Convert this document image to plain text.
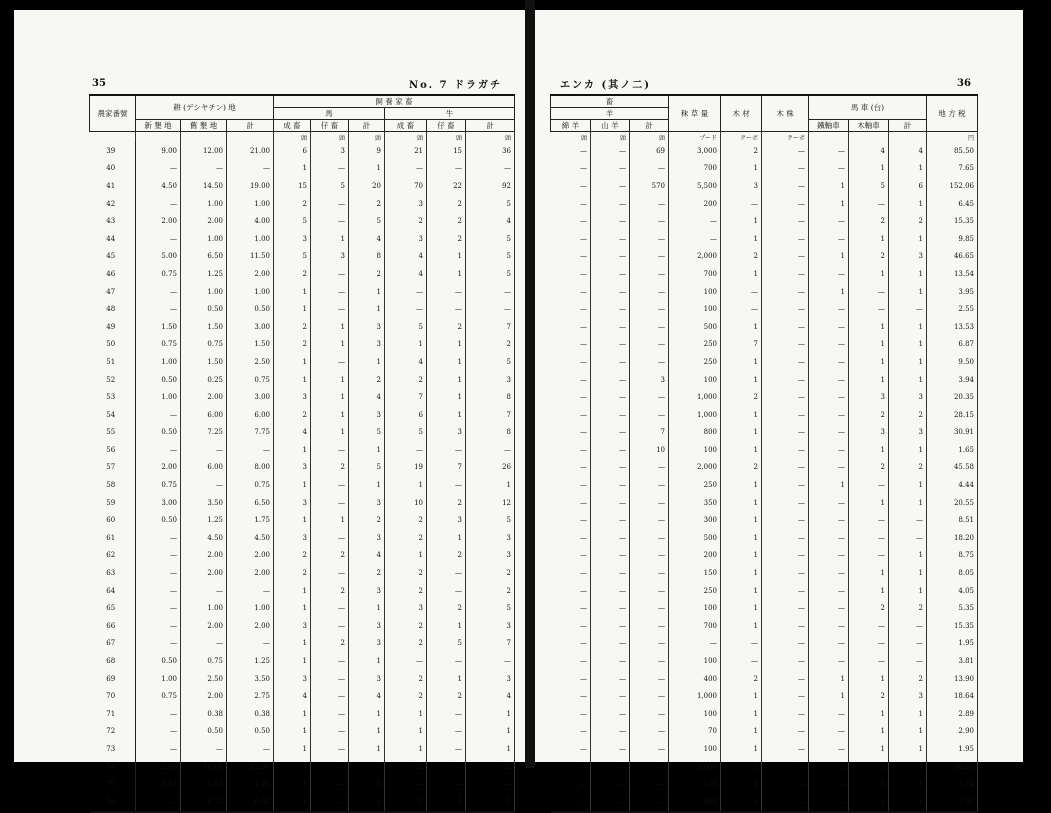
35	No. 7 ドラガチ
農家番號	耕 (デシヤチン) 地			飼 養 家 畜					
				馬			牛		
	新 墾 地	舊 墾 地	計	成 畜	仔 畜	計	成 畜	仔 畜	計
				頭	頭	頭	頭	頭	頭
39	9.00	12.00	21.00	6	3	9	21	15	36
40	—	—	—	1	—	1	—	—	—
41	4.50	14.50	19.00	15	5	20	70	22	92
42	—	1.00	1.00	2	—	2	3	2	5
43	2.00	2.00	4.00	5	—	5	2	2	4
44	—	1.00	1.00	3	1	4	3	2	5
45	5.00	6.50	11.50	5	3	8	4	1	5
46	0.75	1.25	2.00	2	—	2	4	1	5
47	—	1.00	1.00	1	—	1	—	—	—
48	—	0.50	0.50	1	—	1	—	—	—
49	1.50	1.50	3.00	2	1	3	5	2	7
50	0.75	0.75	1.50	2	1	3	1	1	2
51	1.00	1.50	2.50	1	—	1	4	1	5
52	0.50	0.25	0.75	1	1	2	2	1	3
53	1.00	2.00	3.00	3	1	4	7	1	8
54	—	6.00	6.00	2	1	3	6	1	7
55	0.50	7.25	7.75	4	1	5	5	3	8
56	—	—	—	1	—	1	—	—	—
57	2.00	6.00	8.00	3	2	5	19	7	26
58	0.75	—	0.75	1	—	1	1	—	1
59	3.00	3.50	6.50	3	—	3	10	2	12
60	0.50	1.25	1.75	1	1	2	2	3	5
61	—	4.50	4.50	3	—	3	2	1	3
62	—	2.00	2.00	2	2	4	1	2	3
63	—	2.00	2.00	2	—	2	2	—	2
64	—	—	—	1	2	3	2	—	2
65	—	1.00	1.00	1	—	1	3	2	5
66	—	2.00	2.00	3	—	3	2	1	3
67	—	—	—	1	2	3	2	5	7
68	0.50	0.75	1.25	1	—	1	—	—	—
69	1.00	2.50	3.50	3	—	3	2	1	3
70	0.75	2.00	2.75	4	—	4	2	2	4
71	—	0.38	0.38	1	—	1	1	—	1
72	—	0.50	0.50	1	—	1	1	—	1
73	—	—	—	1	—	1	1	—	1
74	2.00	10.00	12.00	5	—	5	21	—	21
75	0.63	0.63	1.25	1	—	1	—	—	—
76	—	0.50	0.50	1	—	1	2	3	5
エンカ (其ノ二)	36
畜			秣 草 量	木 材	木 株	馬 車 (台)			地 方 税
羊									
綿 羊	山 羊	計				鐵軸車	木軸車	計	
頭	頭	頭	プード	クーボ	クーボ				円
—	—	69	3,000	2	—	—	4	4	85.50
—	—	—	700	1	—	—	1	1	7.65
—	—	570	5,500	3	—	1	5	6	152.06
—	—	—	200	—	—	1	—	1	6.45
—	—	—	—	1	—	—	2	2	15.35
—	—	—	—	1	—	—	1	1	9.85
—	—	—	2,000	2	—	1	2	3	46.65
—	—	—	700	1	—	—	1	1	13.54
—	—	—	100	—	—	1	—	1	3.95
—	—	—	100	—	—	—	—	—	2.55
—	—	—	500	1	—	—	1	1	13.53
—	—	—	250	7	—	—	1	1	6.87
—	—	—	250	1	—	—	1	1	9.50
—	—	3	100	1	—	—	1	1	3.94
—	—	—	1,000	2	—	—	3	3	20.35
—	—	—	1,000	1	—	—	2	2	28.15
—	—	7	800	1	—	—	3	3	30.91
—	—	10	100	1	—	—	1	1	1.65
—	—	—	2,000	2	—	—	2	2	45.58
—	—	—	250	1	—	1	—	1	4.44
—	—	—	350	1	—	—	1	1	20.55
—	—	—	300	1	—	—	—	—	8.51
—	—	—	500	1	—	—	—	—	18.20
—	—	—	200	1	—	—	—	1	8.75
—	—	—	150	1	—	—	1	1	8.05
—	—	—	250	1	—	—	1	1	4.05
—	—	—	100	1	—	—	2	2	5.35
—	—	—	700	1	—	—	—	—	15.35
—	—	—	—	—	—	—	—	—	1.95
—	—	—	100	—	—	—	—	—	3.81
—	—	—	400	2	—	1	1	2	13.90
—	—	—	1,000	1	—	1	2	3	18.64
—	—	—	100	1	—	—	1	1	2.89
—	—	—	70	1	—	—	1	1	2.90
—	—	—	100	1	—	—	1	1	1.95
—	—	—	3,000	3	—	2	3	5	66.65
—	—	—	100	1	—	—	1	1	3.74
—	—	—	100	1	—	—	1	1	3.95
